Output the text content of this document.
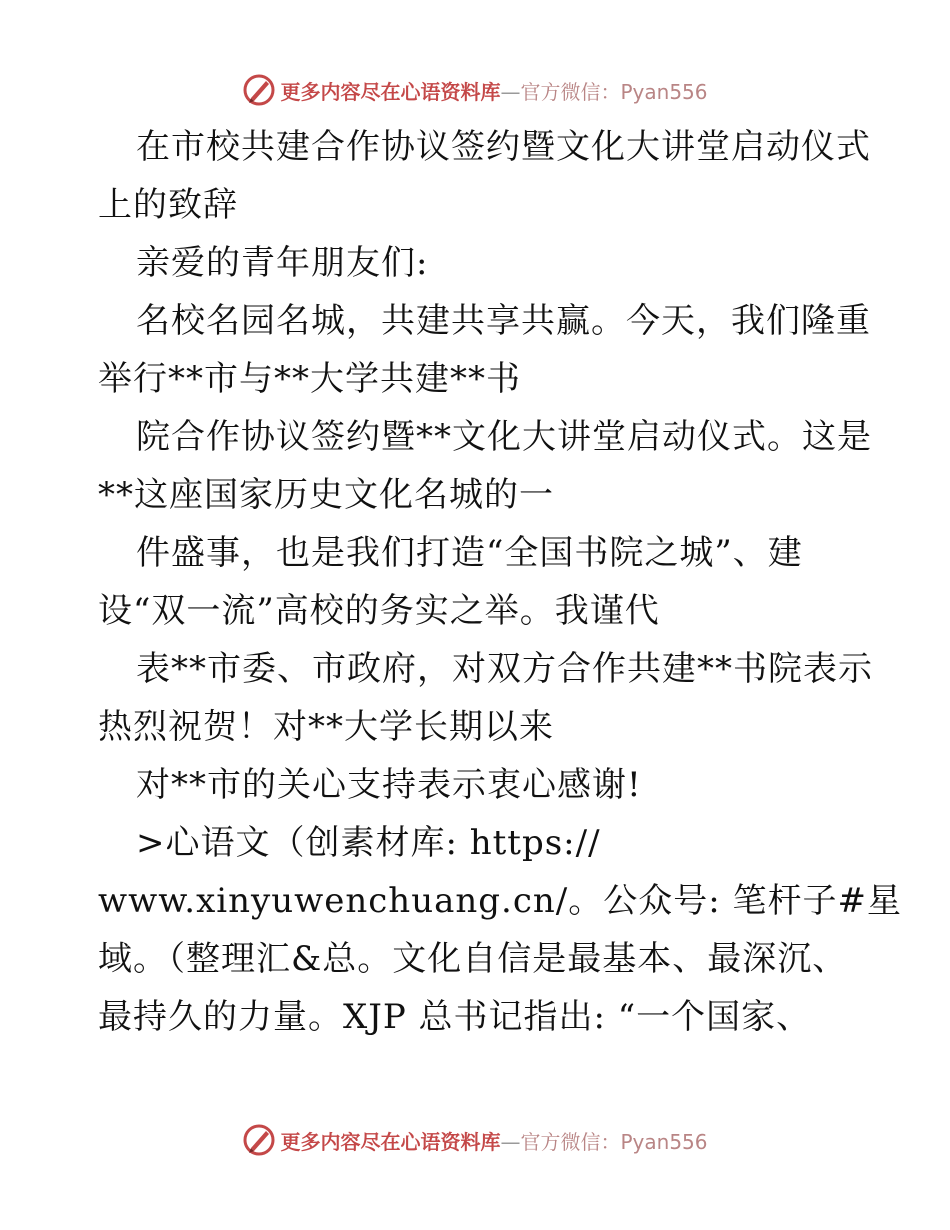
更多内容尽在心语资料库—官方微信：Pyan556
在市校共建合作协议签约暨文化大讲堂启动仪式
上的致辞
亲爱的青年朋友们:
名校名园名城，共建共享共赢。今天，我们隆重
举行**市与**大学共建**书
院合作协议签约暨**文化大讲堂启动仪式。这是
**这座国家历史文化名城的一
件盛事，也是我们打造“全国书院之城”、建
设“双一流”高校的务实之举。我谨代
表**市委、市政府，对双方合作共建**书院表示
热烈祝贺！对**大学长期以来
对**市的关心支持表示衷心感谢!
>心语文（创素材库: https://
www.xinyuwenchuang.cn/。公众号: 笔杆子#星
域。（整理汇&总。文化自信是最基本、最深沉、
最持久的力量。XJP 总书记指出: “一个国家、
更多内容尽在心语资料库—官方微信：Pyan556
